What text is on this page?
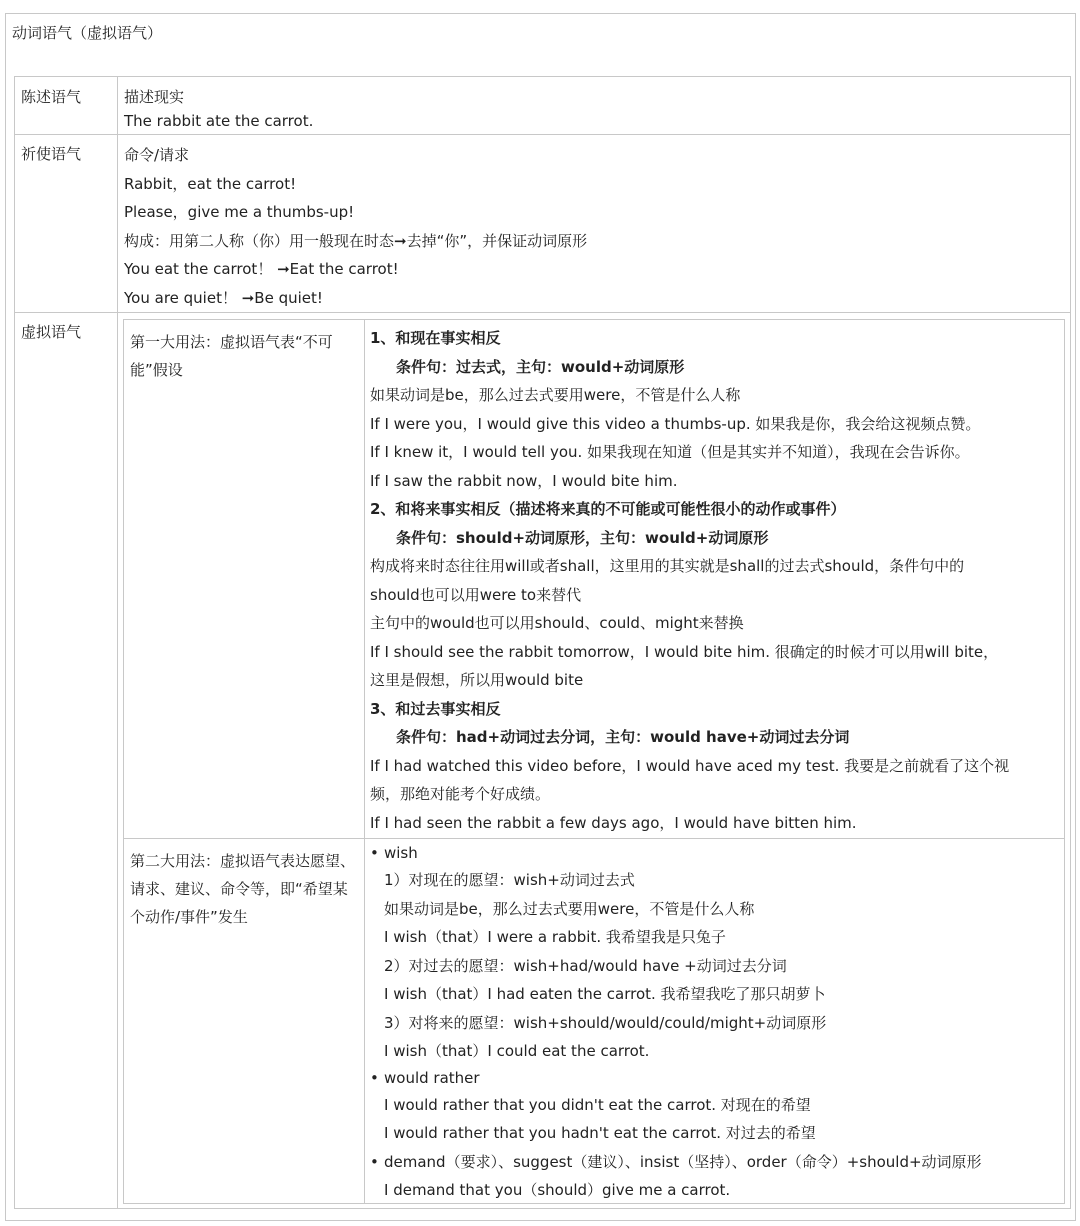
动词语气（虚拟语气）
陈述语气	描述现实
The rabbit ate the carrot.
祈使语气	命令/请求
Rabbit，eat the carrot!
Please，give me a thumbs-up!
构成：用第二人称（你）用一般现在时态➞去掉“你”，并保证动词原形
You eat the carrot！ ➞Eat the carrot!
You are quiet！ ➞Be quiet!
虚拟语气
第一大用法：虚拟语气表“不可能”假设
1、和现在事实相反
条件句：过去式，主句：would+动词原形
如果动词是be，那么过去式要用were，不管是什么人称
If I were you，I would give this video a thumbs-up. 如果我是你，我会给这视频点赞。
If I knew it，I would tell you. 如果我现在知道（但是其实并不知道），我现在会告诉你。
If I saw the rabbit now，I would bite him.
2、和将来事实相反（描述将来真的不可能或可能性很小的动作或事件）
条件句：should+动词原形，主句：would+动词原形
构成将来时态往往用will或者shall，这里用的其实就是shall的过去式should，条件句中的
should也可以用were to来替代
主句中的would也可以用should、could、might来替换
If I should see the rabbit tomorrow，I would bite him. 很确定的时候才可以用will bite，
这里是假想，所以用would bite
3、和过去事实相反
条件句：had+动词过去分词，主句：would have+动词过去分词
If I had watched this video before，I would have aced my test. 我要是之前就看了这个视
频，那绝对能考个好成绩。
If I had seen the rabbit a few days ago，I would have bitten him.
第二大用法：虚拟语气表达愿望、请求、建议、命令等，即“希望某个动作/事件”发生
• wish
1）对现在的愿望：wish+动词过去式
如果动词是be，那么过去式要用were，不管是什么人称
I wish（that）I were a rabbit. 我希望我是只兔子
2）对过去的愿望：wish+had/would have +动词过去分词
I wish（that）I had eaten the carrot. 我希望我吃了那只胡萝卜
3）对将来的愿望：wish+should/would/could/might+动词原形
I wish（that）I could eat the carrot.
• would rather
I would rather that you didn't eat the carrot. 对现在的希望
I would rather that you hadn't eat the carrot. 对过去的希望
• demand（要求）、suggest（建议）、insist（坚持）、order（命令）+should+动词原形
I demand that you（should）give me a carrot.
